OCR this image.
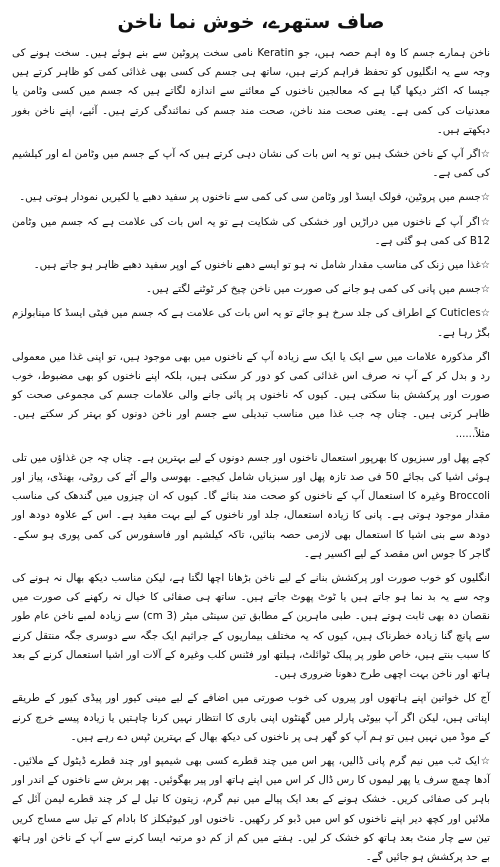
صاف ستھرے، خوش نما ناخن

ناخن ہمارے جسم کا وہ اہم حصہ ہیں، جو Keratin نامی سخت پروٹین سے بنے ہوئے ہیں۔ سخت ہونے کی وجہ سے یہ انگلیوں کو تحفظ فراہم کرتے ہیں، ساتھ ہی جسم کی کسی بھی غذائی کمی کو ظاہر کرتے ہیں جیسا کہ اکثر دیکھا گیا ہے کہ معالجین ناخنوں کے معائنے سے اندازہ لگاتے ہیں کہ جسم میں کسی وٹامن یا معدنیات کی کمی ہے۔ یعنی صحت مند ناخن، صحت مند جسم کی نمائندگی کرتے ہیں۔ آئیے، اپنے ناخن بغور دیکھتے ہیں۔

☆اگر آپ کے ناخن خشک ہیں تو یہ اس بات کی نشان دہی کرتے ہیں کہ آپ کے جسم میں وٹامن اے اور کیلشیم کی کمی ہے۔

☆جسم میں پروٹین، فولک ایسڈ اور وٹامن سی کی کمی سے ناخنوں پر سفید دھبے یا لکیریں نمودار ہوتی ہیں۔

☆اگر آپ کے ناخنوں میں دراڑیں اور خشکی کی شکایت ہے تو یہ اس بات کی علامت ہے کہ جسم میں وٹامن B12 کی کمی ہو گئی ہے۔

☆غذا میں زنک کی مناسب مقدار شامل نہ ہو تو ایسے دھبے ناخنوں کے اوپر سفید دھبے ظاہر ہو جاتے ہیں۔

☆جسم میں پانی کی کمی ہو جانے کی صورت میں ناخن چیخ کر ٹوٹنے لگتے ہیں۔

☆Cuticles کے اطراف کی جلد سرخ ہو جائے تو یہ اس بات کی علامت ہے کہ جسم میں فیٹی ایسڈ کا مینابولزم بگڑ رہا ہے۔

اگر مذکورہ علامات میں سے ایک یا ایک سے زیادہ آپ کے ناخنوں میں بھی موجود ہیں، تو اپنی غذا میں معمولی رد و بدل کر کے آپ نہ صرف اس غذائی کمی کو دور کر سکتی ہیں، بلکہ اپنے ناخنوں کو بھی مضبوط، خوب صورت اور پرکشش بنا سکتی ہیں۔ کیوں کہ ناخنوں پر پائی جانے والی علامات جسم کی مجموعی صحت کو ظاہر کرتی ہیں۔ چناں چہ جب غذا میں مناسب تبدیلی سے جسم اور ناخن دونوں کو بہتر کر سکتے ہیں۔ مثلاً......

کچے پھل اور سبزیوں کا بھرپور استعمال ناخنوں اور جسم دونوں کے لیے بہترین ہے۔ چناں چہ جن غذاؤں میں تلی ہوئی اشیا کی بجائے 50 فی صد تازہ پھل اور سبزیاں شامل کیجیے۔ بھوسی والے آٹے کی روٹی، بھنڈی، پیاز اور Broccoli وغیرہ کا استعمال آپ کے ناخنوں کو صحت مند بنائے گا۔ کیوں کہ ان چیزوں میں گندھک کی مناسب مقدار موجود ہوتی ہے۔ پانی کا زیادہ استعمال، جلد اور ناخنوں کے لیے بہت مفید ہے۔ اس کے علاوہ دودھ اور دودھ سے بنی اشیا کا استعمال بھی لازمی حصہ بنائیں، تاکہ کیلشیم اور فاسفورس کی کمی پوری ہو سکے۔ گاجر کا جوس اس مقصد کے لیے اکسیر ہے۔

انگلیوں کو خوب صورت اور پرکشش بنانے کے لیے ناخن بڑھانا اچھا لگتا ہے، لیکن مناسب دیکھ بھال نہ ہونے کی وجہ سے یہ بد نما ہو جاتے ہیں یا ٹوٹ پھوٹ جاتے ہیں۔ ساتھ ہی صفائی کا خیال نہ رکھنے کی صورت میں نقصان دہ بھی ثابت ہوتے ہیں۔ طبی ماہرین کے مطابق تین سینٹی میٹر (3 cm) سے زیادہ لمبے ناخن عام طور سے پانچ گنا زیادہ خطرناک ہیں، کیوں کہ یہ مختلف بیماریوں کے جراثیم ایک جگہ سے دوسری جگہ منتقل کرنے کا سبب بنتے ہیں، خاص طور پر پبلک ٹوائلٹ، ہیلتھ اور فٹنس کلب وغیرہ کے آلات اور اشیا استعمال کرنے کے بعد ہاتھ اور ناخن بہت اچھی طرح دھونا ضروری ہیں۔

آج کل خواتین اپنے ہاتھوں اور پیروں کی خوب صورتی میں اضافے کے لیے مینی کیور اور پیڈی کیور کے طریقے اپناتی ہیں، لیکن اگر آپ بیوٹی پارلر میں گھنٹوں اپنی باری کا انتظار نہیں کرنا چاہتیں یا زیادہ پیسے خرچ کرنے کے موڈ میں نہیں ہیں تو ہم آپ کو گھر ہی پر ناخنوں کی دیکھ بھال کے بہترین ٹپس دے رہے ہیں۔

☆ایک ٹب میں نیم گرم پانی ڈالیں، پھر اس میں چند قطرے کسی بھی شیمپو اور چند قطرے ڈیٹول کے ملائیں۔ آدھا چمچ سرف یا پھر لیموں کا رس ڈال کر اس میں اپنے ہاتھ اور پیر بھگوئیں۔ پھر برش سے ناخنوں کے اندر اور باہر کی صفائی کریں۔ خشک ہونے کے بعد ایک پیالے میں نیم گرم، زیتون کا تیل لے کر چند قطرے لیمن آئل کے ملائیں اور کچھ دیر اپنے ناخنوں کو اس میں ڈبو کر رکھیں۔ ناخنوں اور کیوٹیکلز کا بادام کے تیل سے مساج کریں تین سے چار منٹ بعد ہاتھ کو خشک کر لیں۔ ہفتے میں کم از کم دو مرتبہ ایسا کرنے سے آپ کے ناخن اور ہاتھ بے حد پرکشش ہو جائیں گے۔
